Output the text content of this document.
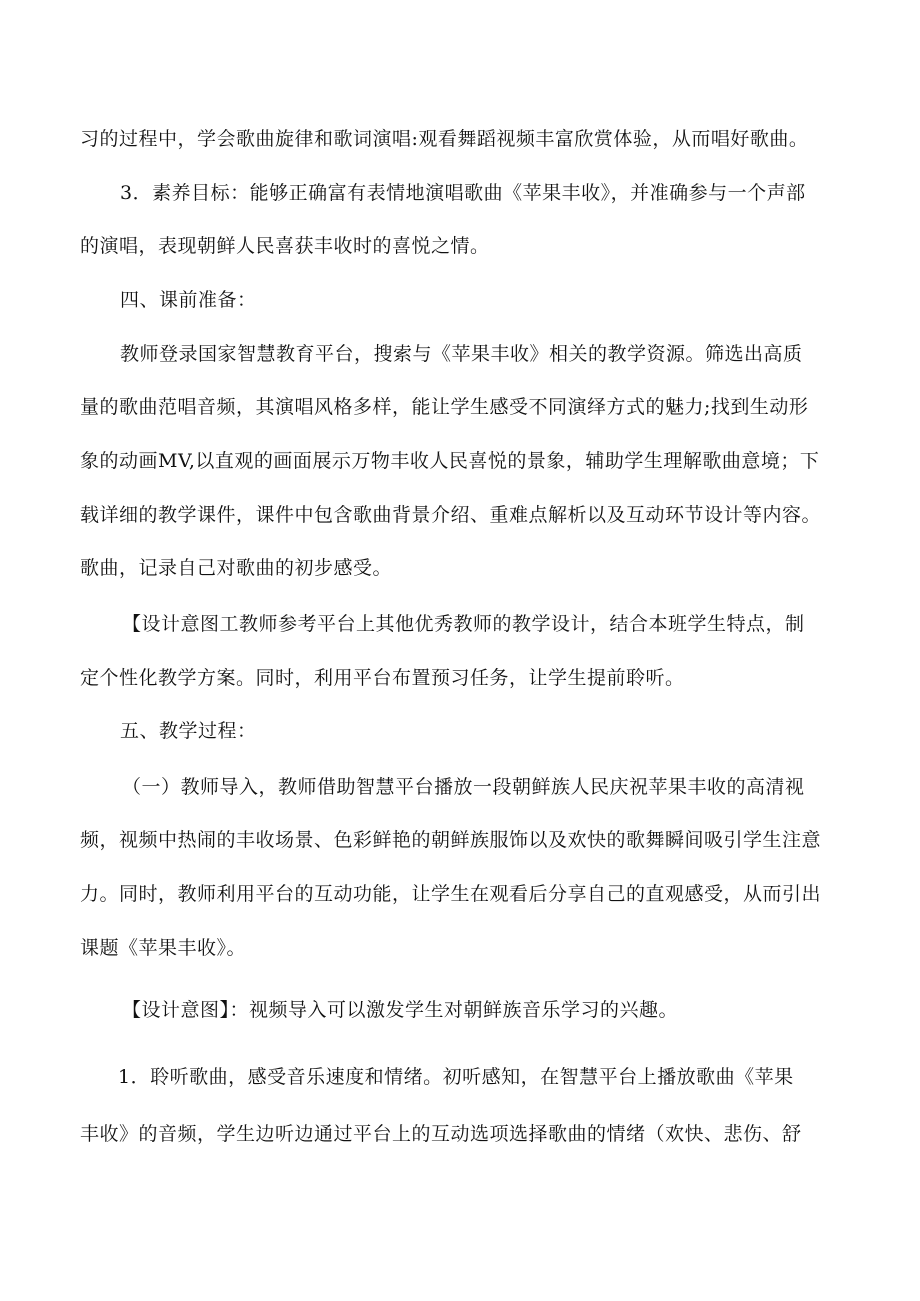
习的过程中，学会歌曲旋律和歌词演唱:观看舞蹈视频丰富欣赏体验，从而唱好歌曲。
3．素养目标：能够正确富有表情地演唱歌曲《苹果丰收》，并准确参与一个声部
的演唱，表现朝鲜人民喜获丰收时的喜悦之情。
四、课前准备：
教师登录国家智慧教育平台，搜索与《苹果丰收》相关的教学资源。筛选出高质
量的歌曲范唱音频，其演唱风格多样，能让学生感受不同演绎方式的魅力;找到生动形
象的动画MV,以直观的画面展示万物丰收人民喜悦的景象，辅助学生理解歌曲意境；下
载详细的教学课件，课件中包含歌曲背景介绍、重难点解析以及互动环节设计等内容。
歌曲，记录自己对歌曲的初步感受。
【设计意图工教师参考平台上其他优秀教师的教学设计，结合本班学生特点，制
定个性化教学方案。同时，利用平台布置预习任务，让学生提前聆听。
五、教学过程：
（一）教师导入，教师借助智慧平台播放一段朝鲜族人民庆祝苹果丰收的高清视
频，视频中热闹的丰收场景、色彩鲜艳的朝鲜族服饰以及欢快的歌舞瞬间吸引学生注意
力。同时，教师利用平台的互动功能，让学生在观看后分享自己的直观感受，从而引出
课题《苹果丰收》。
【设计意图】：视频导入可以激发学生对朝鲜族音乐学习的兴趣。
1．聆听歌曲，感受音乐速度和情绪。初听感知，在智慧平台上播放歌曲《苹果
丰收》的音频，学生边听边通过平台上的互动选项选择歌曲的情绪（欢快、悲伤、舒
